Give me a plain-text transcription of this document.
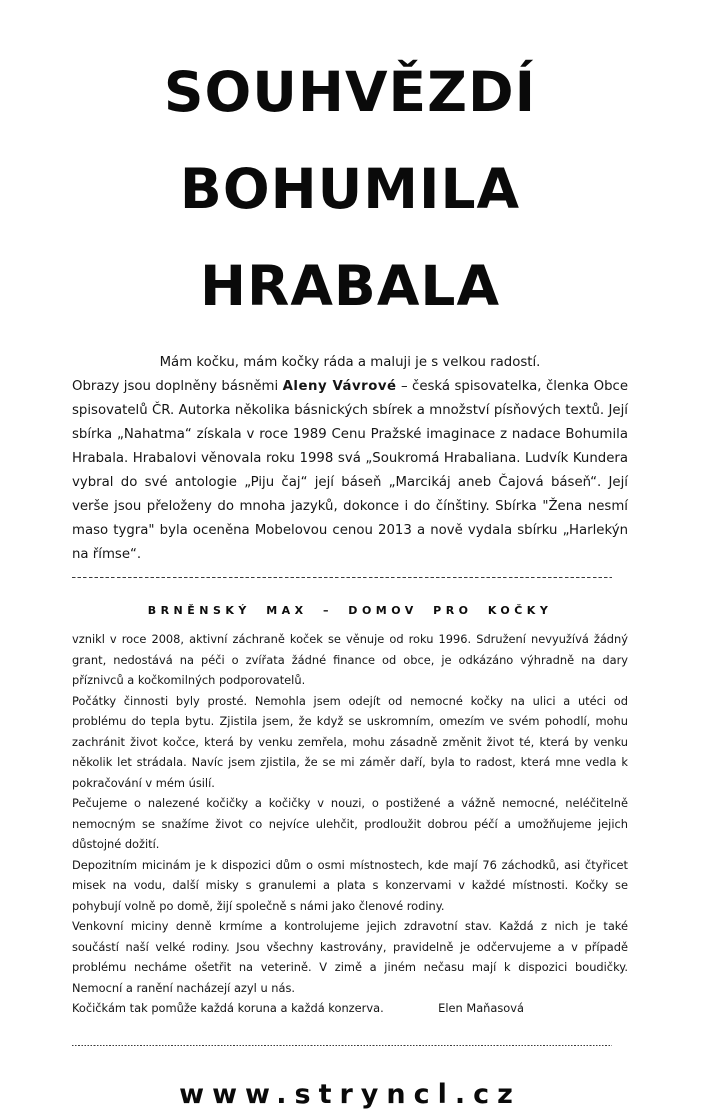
SOUHVĚZDÍ
BOHUMILA
HRABALA

Mám kočku, mám kočky ráda a maluji je s velkou radostí.

Obrazy jsou doplněny básněmi Aleny Vávrové – česká spisovatelka, členka Obce spisovatelů ČR. Autorka několika básnických sbírek a množství písňových textů. Její sbírka „Nahatma“ získala v roce 1989 Cenu Pražské imaginace z nadace Bohumila Hrabala. Hrabalovi věnovala roku 1998 svá „Soukromá Hrabaliana. Ludvík Kundera vybral do své antologie „Piju čaj“ její báseň „Marcikáj aneb Čajová báseň“. Její verše jsou přeloženy do mnoha jazyků, dokonce i do čínštiny. Sbírka "Žena nesmí maso tygra" byla oceněna Mobelovou cenou 2013 a nově vydala sbírku „Harlekýn na římse“.

BRNĚNSKÝ MAX – DOMOV PRO KOČKY

vznikl v roce 2008, aktivní záchraně koček se věnuje od roku 1996. Sdružení nevyužívá žádný grant, nedostává na péči o zvířata žádné finance od obce, je odkázáno výhradně na dary příznivců a kočkomilných podporovatelů.

Počátky činnosti byly prosté. Nemohla jsem odejít od nemocné kočky na ulici a utéci od problému do tepla bytu. Zjistila jsem, že když se uskromním, omezím ve svém pohodlí, mohu zachránit život kočce, která by venku zemřela, mohu zásadně změnit život té, která by venku několik let strádala. Navíc jsem zjistila, že se mi záměr daří, byla to radost, která mne vedla k pokračování v mém úsilí.

Pečujeme o nalezené kočičky a kočičky v nouzi, o postižené a vážně nemocné, neléčitelně nemocným se snažíme život co nejvíce ulehčit, prodloužit dobrou péčí a umožňujeme jejich důstojné dožití.

Depozitním micinám je k dispozici dům o osmi místnostech, kde mají 76 záchodků, asi čtyřicet misek na vodu, další misky s granulemi a plata s konzervami v každé místnosti. Kočky se pohybují volně po domě, žijí společně s námi jako členové rodiny.

Venkovní miciny denně krmíme a kontrolujeme jejich zdravotní stav. Každá z nich je také součástí naší velké rodiny. Jsou všechny kastrovány, pravidelně je odčervujeme a v případě problému necháme ošetřit na veterině. V zimě a jiném nečasu mají k dispozici boudičky. Nemocní a ranění nacházejí azyl u nás.

Kočičkám tak pomůže každá koruna a každá konzerva.	Elen Maňasová

www.stryncl.cz
